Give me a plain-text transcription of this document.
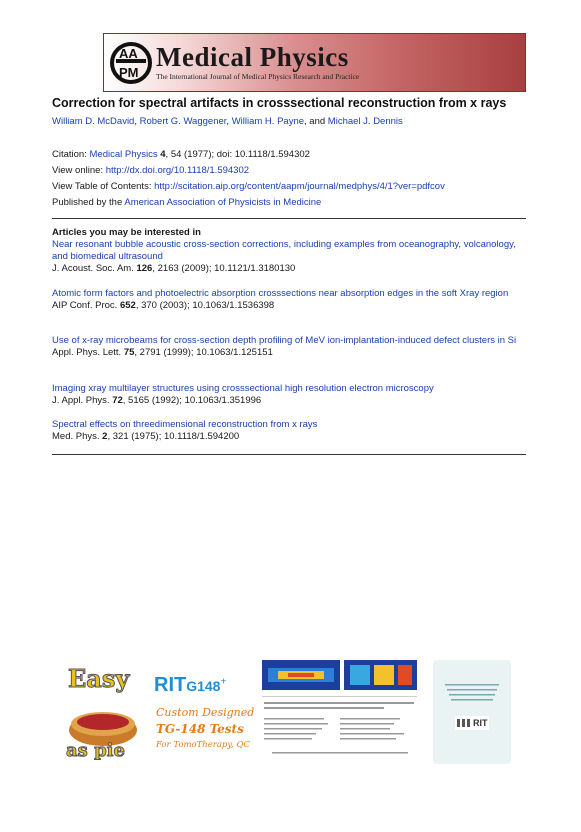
AA
PM
Medical Physics
The International Journal of Medical Physics Research and Practice
Correction for spectral artifacts in crosssectional reconstruction from x rays
William D. McDavid, Robert G. Waggener, William H. Payne, and Michael J. Dennis
Citation: Medical Physics 4, 54 (1977); doi: 10.1118/1.594302
View online: http://dx.doi.org/10.1118/1.594302
View Table of Contents: http://scitation.aip.org/content/aapm/journal/medphys/4/1?ver=pdfcov
Published by the American Association of Physicists in Medicine
Articles you may be interested in
Near resonant bubble acoustic cross-section corrections, including examples from oceanography, volcanology, and biomedical ultrasound
J. Acoust. Soc. Am. 126, 2163 (2009); 10.1121/1.3180130
Atomic form factors and photoelectric absorption crosssections near absorption edges in the soft Xray region
AIP Conf. Proc. 652, 370 (2003); 10.1063/1.1536398
Use of x-ray microbeams for cross-section depth profiling of MeV ion-implantation-induced defect clusters in Si
Appl. Phys. Lett. 75, 2791 (1999); 10.1063/1.125151
Imaging xray multilayer structures using crosssectional high resolution electron microscopy
J. Appl. Phys. 72, 5165 (1992); 10.1063/1.351996
Spectral effects on threedimensional reconstruction from x rays
Med. Phys. 2, 321 (1975); 10.1118/1.594200
Easy
as pie
RITG148+
Custom Designed
TG-148 Tests
For TomoTherapy, QC
RIT
